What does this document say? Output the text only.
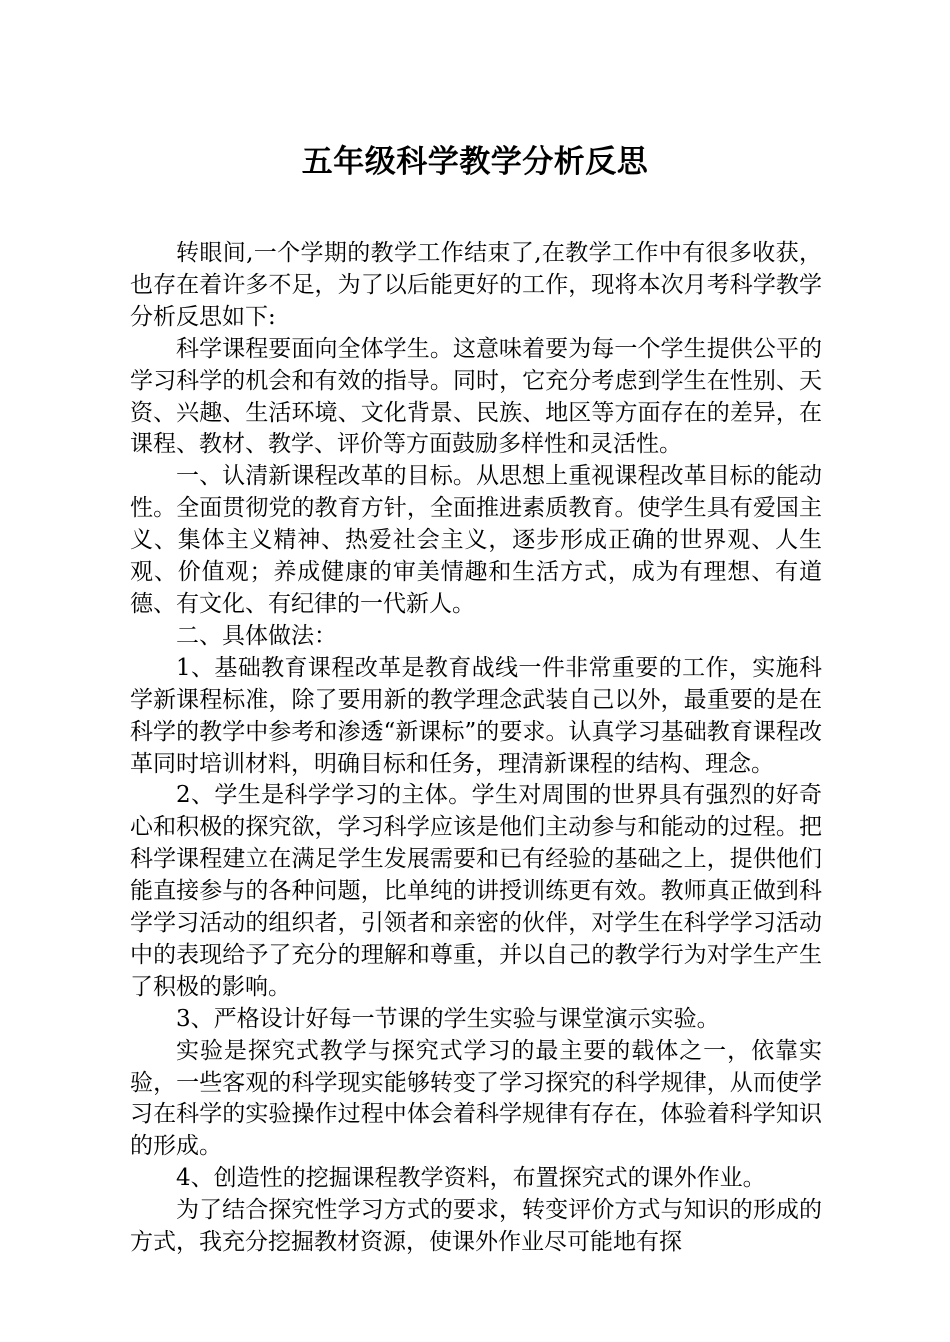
五年级科学教学分析反思

转眼间,一个学期的教学工作结束了,在教学工作中有很多收获，也存在着许多不足，为了以后能更好的工作，现将本次月考科学教学分析反思如下:

科学课程要面向全体学生。这意味着要为每一个学生提供公平的学习科学的机会和有效的指导。同时，它充分考虑到学生在性别、天资、兴趣、生活环境、文化背景、民族、地区等方面存在的差异，在课程、教材、教学、评价等方面鼓励多样性和灵活性。

一、认清新课程改革的目标。从思想上重视课程改革目标的能动性。全面贯彻党的教育方针，全面推进素质教育。使学生具有爱国主义、集体主义精神、热爱社会主义，逐步形成正确的世界观、人生观、价值观；养成健康的审美情趣和生活方式，成为有理想、有道德、有文化、有纪律的一代新人。

二、具体做法：

1、基础教育课程改革是教育战线一件非常重要的工作，实施科学新课程标准，除了要用新的教学理念武装自己以外，最重要的是在科学的教学中参考和渗透“新课标”的要求。认真学习基础教育课程改革同时培训材料，明确目标和任务，理清新课程的结构、理念。

2、学生是科学学习的主体。学生对周围的世界具有强烈的好奇心和积极的探究欲，学习科学应该是他们主动参与和能动的过程。把科学课程建立在满足学生发展需要和已有经验的基础之上，提供他们能直接参与的各种问题，比单纯的讲授训练更有效。教师真正做到科学学习活动的组织者，引领者和亲密的伙伴，对学生在科学学习活动中的表现给予了充分的理解和尊重，并以自己的教学行为对学生产生了积极的影响。

3、严格设计好每一节课的学生实验与课堂演示实验。

实验是探究式教学与探究式学习的最主要的载体之一，依靠实验，一些客观的科学现实能够转变了学习探究的科学规律，从而使学习在科学的实验操作过程中体会着科学规律有存在，体验着科学知识的形成。

4、创造性的挖掘课程教学资料，布置探究式的课外作业。

为了结合探究性学习方式的要求，转变评价方式与知识的形成的方式，我充分挖掘教材资源，使课外作业尽可能地有探
